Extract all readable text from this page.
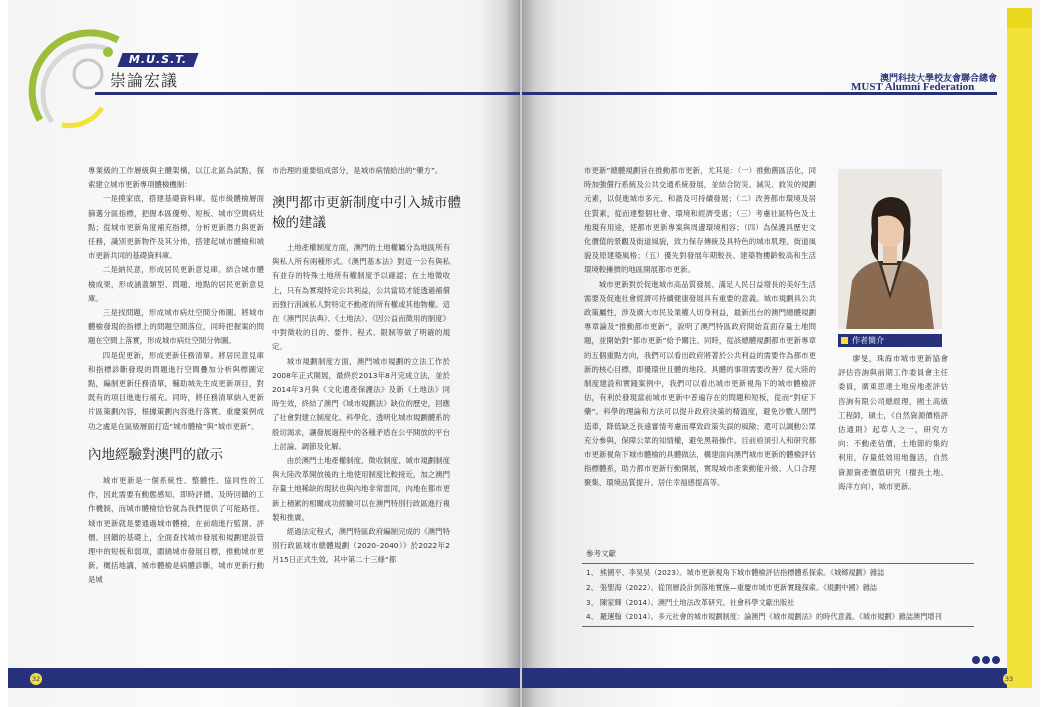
M.U.S.T.
崇論宏議	澳門科技大學校友會聯合總會
MUST Alumni Federation

專業級的工作層級與主體架構，以江北區為試點，探索建立城市更新專項體檢機制：

一是摸家底，搭建基礎資料庫。從市級體檢層面篩選分區指標，把握本區優勢、短板、城市空間病灶點；從城市更新角度補充指標，分析更新潛力與更新任務，識別更新物件及其分佈，搭建起城市體檢和城市更新共同的基礎資料庫。

二是納民意，形成居民更新意見庫。結合城市體檢成果，形成涵蓋類型、問題、地點的居民更新意見庫。

三是找問題，形成城市病灶空間分佈圖。將城市體檢發現的指標上的問題空間落位，同時把握案的問題在空間上落實，形成城市病灶空間分佈圖。

四是促更新，形成更新任務清單。將居民意見庫和指標診斷發現的問題進行空間疊加分析與標圖定點，編制更新任務清單，輔助城先生成更新項目，對既有的項目進進行補充。同時，將任務清單納入更新片區策劃內容，根據策劃內容進行落實。重慶案例成功之處是在區級層面打造“城市體檢”與“城市更新”。

內地經驗對澳門的啟示

城市更新是一個系統性、整體性、協同性的工作，因此需要有動態感知、即時評價、及時回饋的工作機制，而城市體檢恰恰就為我們提供了可能路徑。城市更新就是要通過城市體檢，在前端進行監測、評價、回饋的基礎上，全面查找城市發展和規劃建設管理中的短板和弱項，圍繞城市發展目標，推動城市更新。概括地講，城市體檢是病體診斷，城市更新行動是城

市治理的重要組成部分，是城市病情給出的“藥方”。

澳門都市更新制度中引入城市體檢的建議

土地產權制度方面，澳門的土地權屬分為地區所有與私人所有兩種形式。《澳門基本法》對這一公有與私有並存的特殊土地所有權制度予以確認；在土地徵收上，只有為實現特定公共利益，公共當局才能透過補償而強行消減私人對特定不動產的所有權或其他物權。這在《澳門民法典》、《土地法》、《因公益而徵用的制度》中對徵收的目的、要件、程式、限制等做了明確的規定。

城市規劃制度方面，澳門城市規劃的立法工作於2008年正式開展，最終於2013年8月完成立法，並於2014年3月與《文化遺產保護法》及新《土地法》同時生效，終結了澳門《城市規劃法》缺位的歷史，回應了社會對建立制度化、科學化、透明化城市規劃體系的殷切渴求，讓發展過程中的各種矛盾在公平開放的平台上討論、調節及化解。

由於澳門土地產權制度、徵收制度、城市規劃制度與大陸改革開放後的土地使用制度比較接近，加之澳門存量土地稀缺的現狀也與內地非常雷同，內地在都市更新上積累的相關成功經驗可以在澳門特別行政區進行複製和推廣。

經過法定程式，澳門特區政府編制完成的《澳門特別行政區城市總體規劃（2020–2040）》於2022年2月15日正式生效。其中第二十三條“都

市更新”總體規劃旨在推動都市更新，尤其是：（一）推動舊區活化，同時加強償行系統及公共交通系統發展，並結合防災、減災、救災的規劃元素，以促進城市多元、和諧及可持續發展；（二）改善都市環境及居住質素，從而達整個社會、環境和經濟受惠；（三）考慮社區特色及土地現有用途，使都市更新專案與周邊環境相容；（四）為保護具歷史文化價值的景觀及街道風貌，致力保存傳統及具特色的城市肌理、街道風貌及原建築風格；（五）優先對發展年期較長、建築物樓齡較高和生活環境較擁擠的地區開展都市更新。

城市更新對於促進城市高品質發展、滿足人民日益增長的美好生活需要及促進社會經濟可持續健康發展具有重要的意義。城市規劃具公共政策屬性，涉及廣大市民及業權人切身利益，最新出台的澳門總體規劃專章論及“推動都市更新”，說明了澳門特區政府開始直面存量土地問題，並開始對“都市更新”給予關注。同時，從該總體規劃都市更新專章的五個重點方向，我們可以看出政府將著於公共利益的需要作為都市更新的核心目標，即優環世且體的地段、具體的事項需要改善？從大陸的制度建設和實踐案例中，我們可以看出城市更新視角下的城市體檢評估，有利於發現當前城市更新中普遍存在的問題和短板，從而“對症下藥”。科學的理論和方法可以提升政府決策的精溫度，避免沙數人閉門造車，降低缺乏長遠審情考慮而導致政策失誤的風險；還可以調動公眾充分參與，保障公眾的知情權，避免黑箱操作。目前亟須引入和研究都市更新視角下城市體檢的具體做法，構建面向澳門城市更新的體檢評估指標體系，助力都市更新行動開展，實現城市產業動能升級、人口合理聚集、環境品質提升、居住幸福感提高等。

作者簡介

廖旻，珠海市城市更新協會評估咨詢與前期工作委員會主任委員，廣東思達土地房地產評估咨詢有限公司總經理，國土高級工程師，碩士，《自然資源價格評估通則》起草人之一，研究方向：不動產估價，土地節約集約利用，存量低效用地盤活，自然資源資產價值研究（擅長土地、海洋方向），城市更新。

參考文獻
1、 熊國平、李昊昊（2023）。城市更新視角下城市體檢評估指標體系探索。《城鄉規劃》雜誌
2、 張聖海（2022）。從頂層設計到落地實施—重慶市城市更新實踐探索。《規劃中國》雜誌
3、 陳家輝（2014）。澳門土地法改革研究。社會科學文獻出版社
4、 羅運翰（2014）。多元社會的城市規劃制度：論澳門《城市規劃法》的時代意義。《城市規劃》雜誌澳門增刊
32	33
